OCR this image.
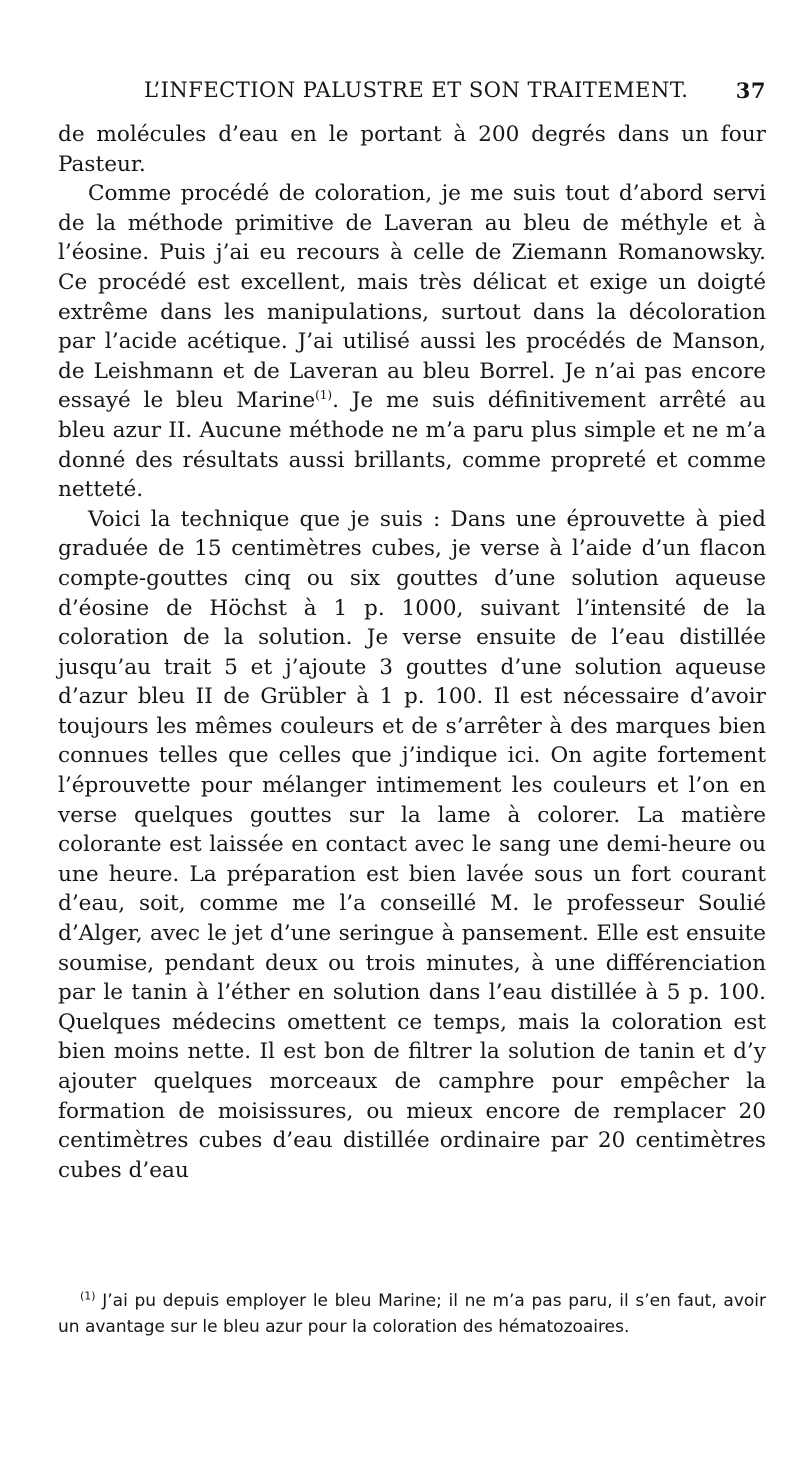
L’INFECTION PALUSTRE ET SON TRAITEMENT. 37

de molécules d’eau en le portant à 200 degrés dans un four Pasteur.

Comme procédé de coloration, je me suis tout d’abord servi de la méthode primitive de Laveran au bleu de méthyle et à l’éosine. Puis j’ai eu recours à celle de Ziemann Romanowsky. Ce procédé est excellent, mais très délicat et exige un doigté extrême dans les manipulations, surtout dans la décoloration par l’acide acétique. J’ai utilisé aussi les procédés de Manson, de Leishmann et de Laveran au bleu Borrel. Je n’ai pas encore essayé le bleu Marine$^{(1)}$. Je me suis définitivement arrêté au bleu azur II. Aucune méthode ne m’a paru plus simple et ne m’a donné des résultats aussi brillants, comme propreté et comme netteté.

Voici la technique que je suis : Dans une éprouvette à pied graduée de 15 centimètres cubes, je verse à l’aide d’un flacon compte-gouttes cinq ou six gouttes d’une solution aqueuse d’éosine de Höchst à 1 p. 1000, suivant l’intensité de la coloration de la solution. Je verse ensuite de l’eau distillée jusqu’au trait 5 et j’ajoute 3 gouttes d’une solution aqueuse d’azur bleu II de Grübler à 1 p. 100. Il est nécessaire d’avoir toujours les mêmes couleurs et de s’arrêter à des marques bien connues telles que celles que j’indique ici. On agite fortement l’éprouvette pour mélanger intimement les couleurs et l’on en verse quelques gouttes sur la lame à colorer. La matière colorante est laissée en contact avec le sang une demi-heure ou une heure. La préparation est bien lavée sous un fort courant d’eau, soit, comme me l’a conseillé M. le professeur Soulié d’Alger, avec le jet d’une seringue à pansement. Elle est ensuite soumise, pendant deux ou trois minutes, à une différenciation par le tanin à l’éther en solution dans l’eau distillée à 5 p. 100. Quelques médecins omettent ce temps, mais la coloration est bien moins nette. Il est bon de filtrer la solution de tanin et d’y ajouter quelques morceaux de camphre pour empêcher la formation de moisissures, ou mieux encore de remplacer 20 centimètres cubes d’eau distillée ordinaire par 20 centimètres cubes d’eau

$^{(1)}$ J’ai pu depuis employer le bleu Marine; il ne m’a pas paru, il s’en faut, avoir un avantage sur le bleu azur pour la coloration des hématozoaires.
